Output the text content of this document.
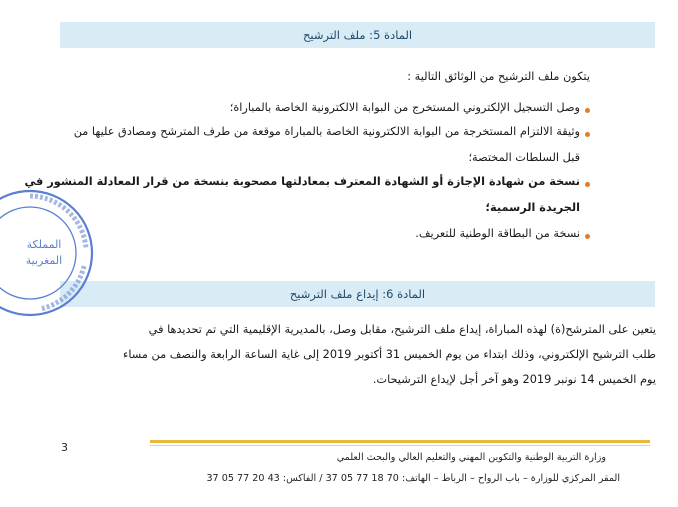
المادة 5: ملف الترشيح
يتكون ملف الترشيح من الوثائق التالية :
وصل التسجيل الإلكتروني المستخرج من البوابة الالكترونية الخاصة بالمباراة؛
وثيقة الالتزام المستخرجة من البوابة الالكترونية الخاصة بالمباراة موقعة من طرف المترشح ومصادق عليها من
قبل السلطات المختصة؛
نسخة من شهادة الإجازة أو الشهادة المعترف بمعادلتها مصحوبة بنسخة من قرار المعادلة المنشور في
الجريدة الرسمية؛
نسخة من البطاقة الوطنية للتعريف.
المادة 6: إيداع ملف الترشيح
يتعين على المترشح(ة) لهذه المباراة، إيداع ملف الترشيح، مقابل وصل، بالمديرية الإقليمية التي تم تحديدها في
طلب الترشيح الإلكتروني، وذلك ابتداء من يوم الخميس 31 أكتوبر 2019 إلى غاية الساعة الرابعة والنصف من مساء
يوم الخميس 14 نونبر 2019 وهو آخر أجل لإيداع الترشيحات.
المملكة
المغربية
3
وزارة التربية الوطنية والتكوين المهني والتعليم العالي والبحث العلمي
المقر المركزي للوزارة – باب الرواح – الرباط – الهاتف: 70 18 77 05 37 / الفاكس: 43 20 77 05 37
